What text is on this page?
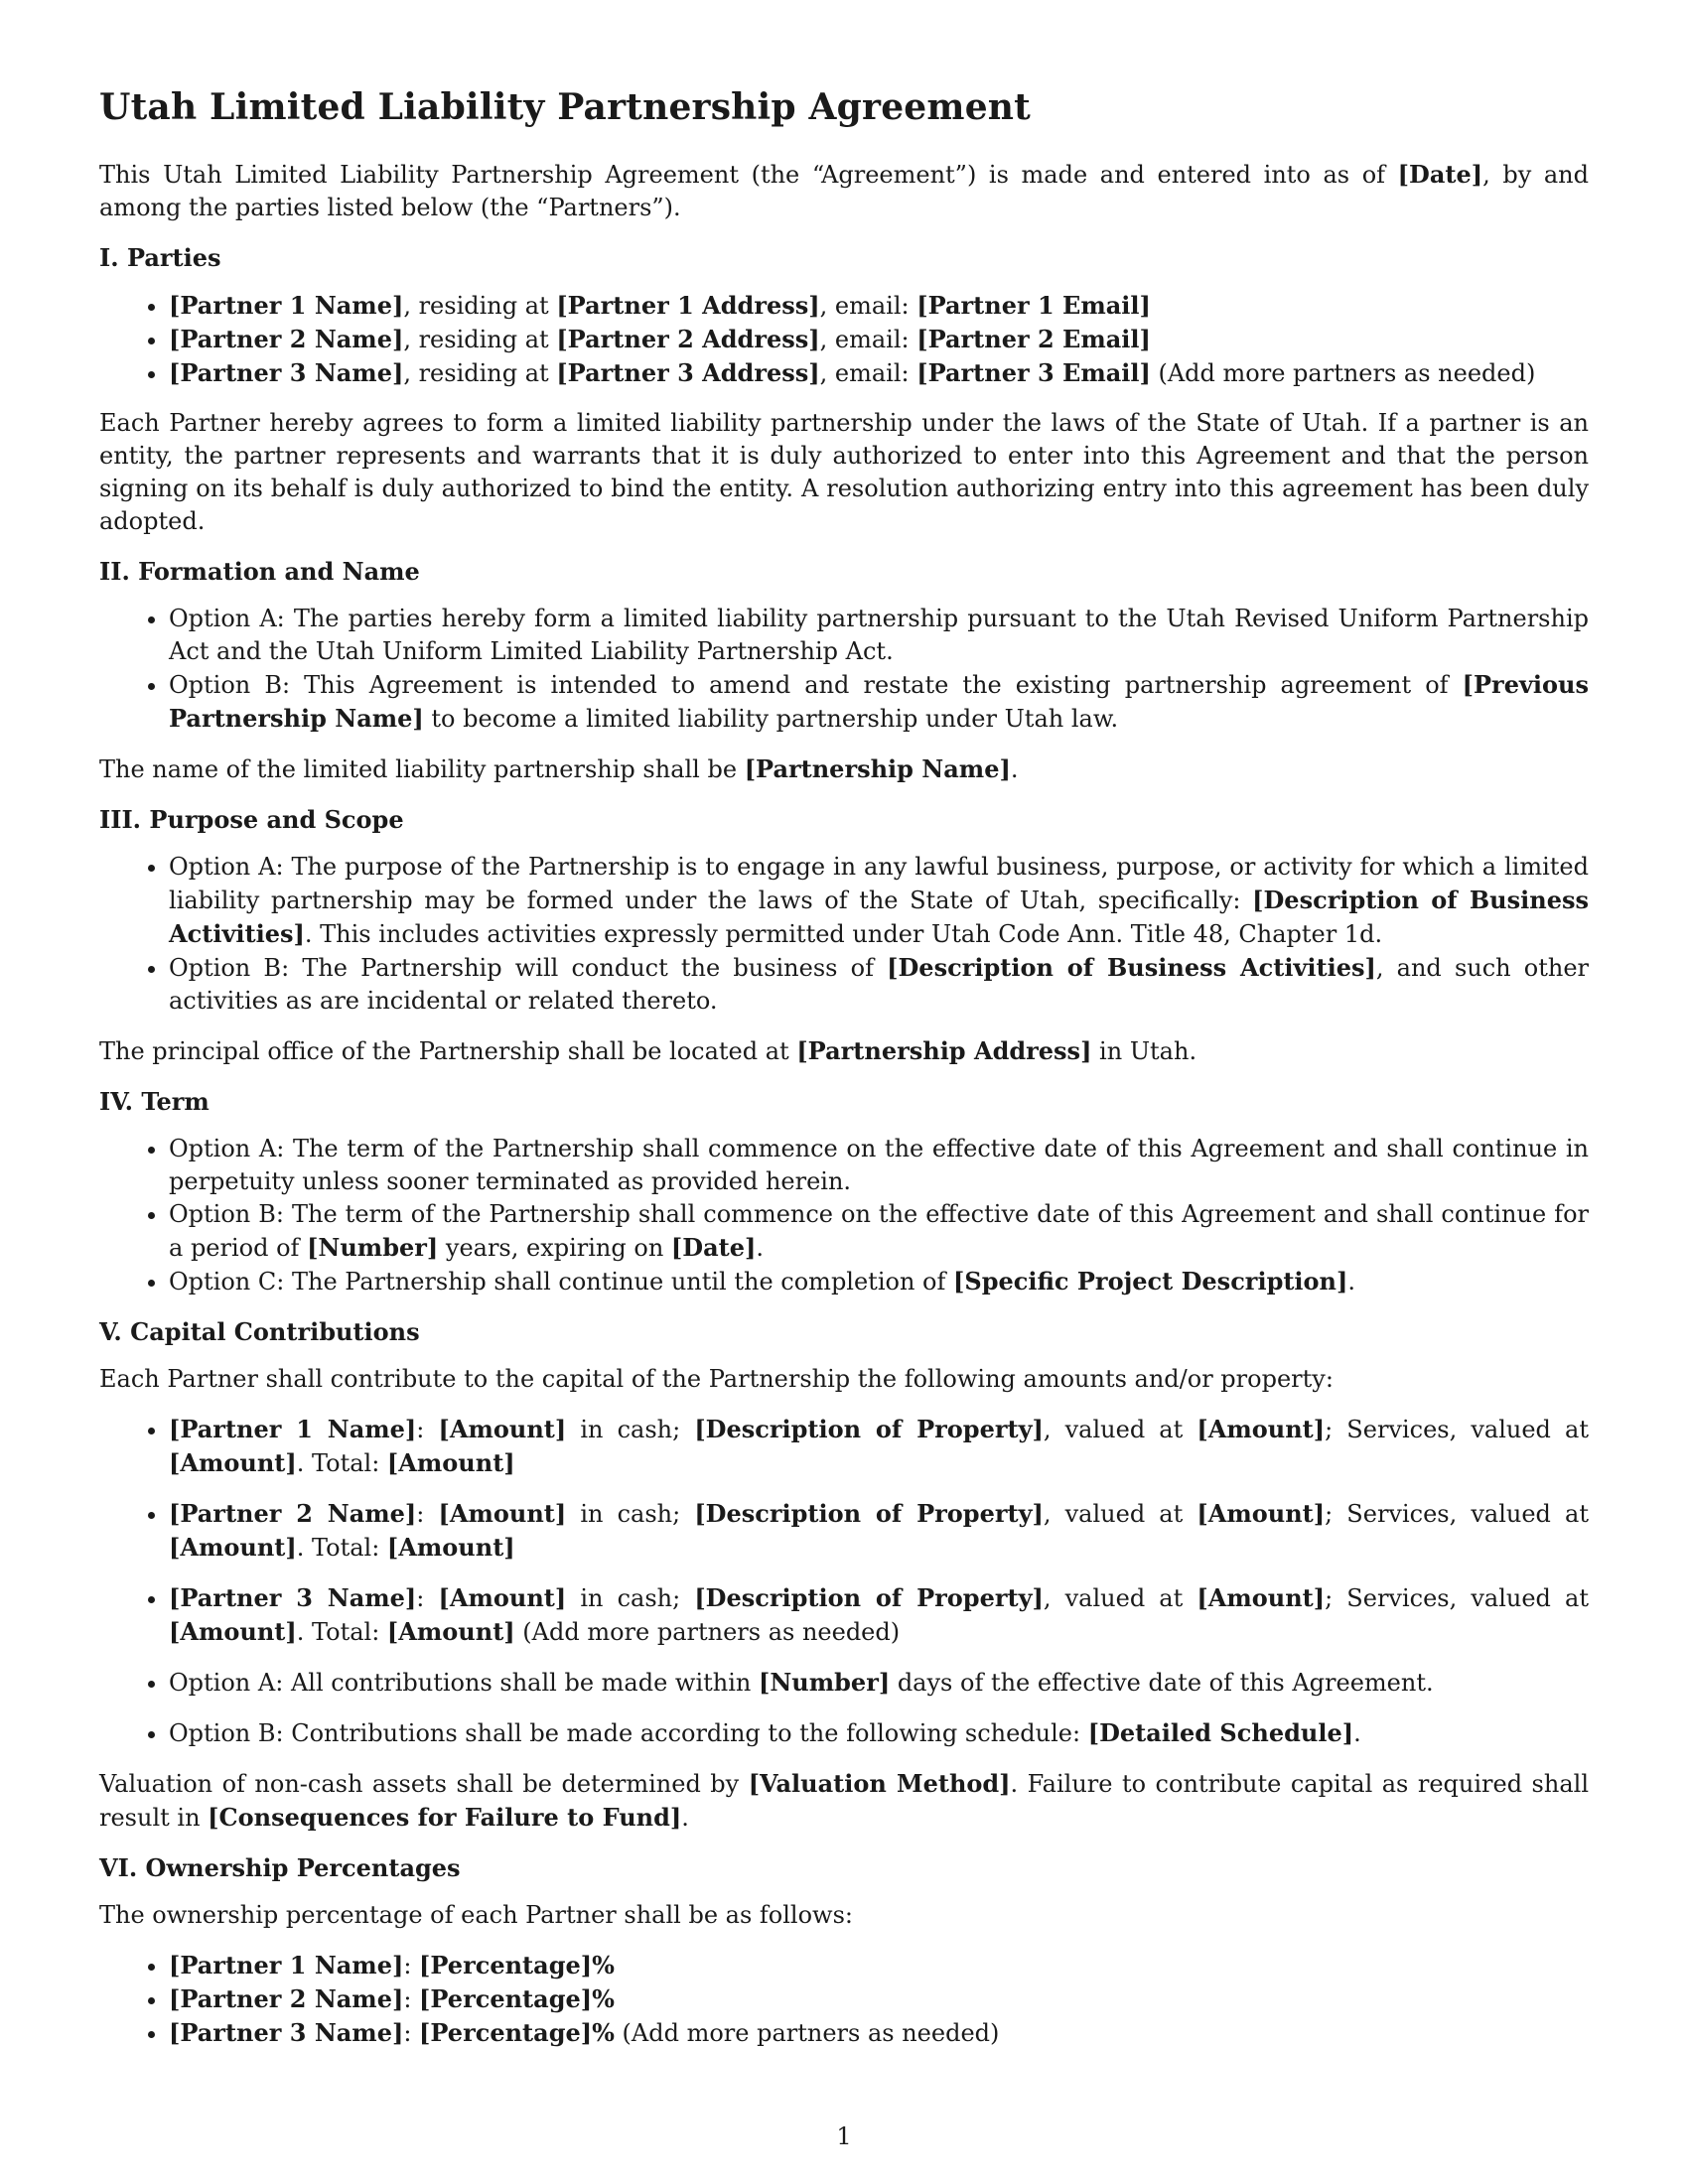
Utah Limited Liability Partnership Agreement

This Utah Limited Liability Partnership Agreement (the “Agreement”) is made and entered into as of [Date], by and among the parties listed below (the “Partners”).

I. Parties
• [Partner 1 Name], residing at [Partner 1 Address], email: [Partner 1 Email]
• [Partner 2 Name], residing at [Partner 2 Address], email: [Partner 2 Email]
• [Partner 3 Name], residing at [Partner 3 Address], email: [Partner 3 Email] (Add more partners as needed)

Each Partner hereby agrees to form a limited liability partnership under the laws of the State of Utah. If a partner is an entity, the partner represents and warrants that it is duly authorized to enter into this Agreement and that the person signing on its behalf is duly authorized to bind the entity. A resolution authorizing entry into this agreement has been duly adopted.

II. Formation and Name
• Option A: The parties hereby form a limited liability partnership pursuant to the Utah Revised Uniform Partnership Act and the Utah Uniform Limited Liability Partnership Act.
• Option B: This Agreement is intended to amend and restate the existing partnership agreement of [Previous Partnership Name] to become a limited liability partnership under Utah law.

The name of the limited liability partnership shall be [Partnership Name].

III. Purpose and Scope
• Option A: The purpose of the Partnership is to engage in any lawful business, purpose, or activity for which a limited liability partnership may be formed under the laws of the State of Utah, specifically: [Description of Business Activities]. This includes activities expressly permitted under Utah Code Ann. Title 48, Chapter 1d.
• Option B: The Partnership will conduct the business of [Description of Business Activities], and such other activities as are incidental or related thereto.

The principal office of the Partnership shall be located at [Partnership Address] in Utah.

IV. Term
• Option A: The term of the Partnership shall commence on the effective date of this Agreement and shall continue in perpetuity unless sooner terminated as provided herein.
• Option B: The term of the Partnership shall commence on the effective date of this Agreement and shall continue for a period of [Number] years, expiring on [Date].
• Option C: The Partnership shall continue until the completion of [Specific Project Description].
V. Capital Contributions

Each Partner shall contribute to the capital of the Partnership the following amounts and/or property:

• [Partner 1 Name]: [Amount] in cash; [Description of Property], valued at [Amount]; Services, valued at [Amount]. Total: [Amount]
• [Partner 2 Name]: [Amount] in cash; [Description of Property], valued at [Amount]; Services, valued at [Amount]. Total: [Amount]
• [Partner 3 Name]: [Amount] in cash; [Description of Property], valued at [Amount]; Services, valued at [Amount]. Total: [Amount] (Add more partners as needed)
• Option A: All contributions shall be made within [Number] days of the effective date of this Agreement.
• Option B: Contributions shall be made according to the following schedule: [Detailed Schedule].

Valuation of non-cash assets shall be determined by [Valuation Method]. Failure to contribute capital as required shall result in [Consequences for Failure to Fund].

VI. Ownership Percentages

The ownership percentage of each Partner shall be as follows:

• [Partner 1 Name]: [Percentage]%
• [Partner 2 Name]: [Percentage]%
• [Partner 3 Name]: [Percentage]% (Add more partners as needed)
1
